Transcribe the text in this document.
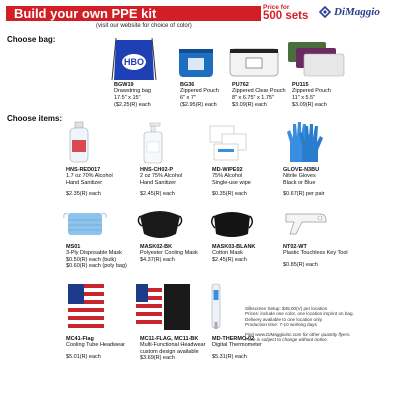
Build your own PPE kit	Price for
500 sets
(visit our website for choice of color)
DiMaggio
Choose bag:
Choose items:
HBO
BGW19
Drawstring bag
17.5" x 15"
($2.25(R) each
BG36
Zippered Pouch
6" x 7"
($2.95(R) each
PU762
Zippered Clear Pouch
8" x 6.75" x 1.75"
$3.09(R) each
PU115
Zippered Pouch
11" x 5.5"
$3.09(R) each
HNS-RED017
1.7 oz 70% Alcohol
Hand Sanitizer
$2.35(R) each
HNS-CH02-P
2 oz 75% Alcohol
Hand Sanitizer
$2.45(R) each
MD-WIPE02
75% Alcohol
Single-use wipe
$0.35(R) each
GLOVE-N3BU
Nitrile Gloves
Black or Blue
$0.67(R) per pair
MS01
3-Ply Disposable Mask
$0.50(R) each (bulk)
$0.60(R) each (poly bag)
MASK02-BK
Polyester Cooling Mask
$4.37(R) each
MASK03-BLANK
Cotton Mask
$2.45(R) each
NT02-WT
Plastic Touchless Key Tool
$0.85(R) each
MC41-Flag
Cooling Tube Headwear
$5.01(R) each
MC11-FLAG, MC11-BK
Multi-Functional Headwear
custom design available
$3.69(R) each
MD-THERMO-02
Digital Thermometer
$5.31(R) each
Silkscreen Setup: $45.00(V) per location
Prices: include one color, one location imprint on bag.
Delivery available to one location only.
Production time: 7-10 working days
Find www.DiMaggioinc.com for other quantity flyers.
Price is subject to change without notice.
